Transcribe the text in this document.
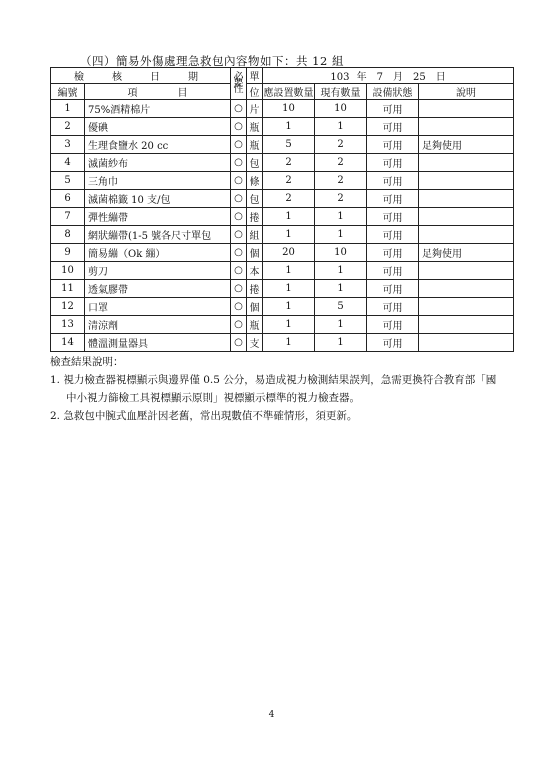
（四）簡易外傷處理急救包內容物如下：共 12 組
檢　核　日　期		必要性	單	103 年　7　月　25　日			
編號	項　　　　目		位	應設置數量	現有數量	設備狀態	說明
1	75%酒精棉片	○	片	10	10	可用	
2	優碘	○	瓶	1	1	可用	
3	生理食鹽水 20 cc	○	瓶	5	2	可用	足夠使用
4	滅菌紗布	○	包	2	2	可用	
5	三角巾	○	條	2	2	可用	
6	滅菌棉籤 10 支/包	○	包	2	2	可用	
7	彈性繃帶	○	捲	1	1	可用	
8	網狀繃帶(1-5 號各尺寸單包	○	組	1	1	可用	
9	簡易繃（Ok 繃）	○	個	20	10	可用	足夠使用
10	剪刀	○	本	1	1	可用	
11	透氣膠帶	○	捲	1	1	可用	
12	口罩	○	個	1	5	可用	
13	清涼劑	○	瓶	1	1	可用	
14	體溫測量器具	○	支	1	1	可用	
檢查結果說明：
1. 視力檢查器視標顯示與邊界僅 0.5 公分，易造成視力檢測結果誤判，急需更換符合教育部「國
中小視力篩檢工具視標顯示原則」視標顯示標準的視力檢查器。
2. 急救包中腕式血壓計因老舊，常出現數值不準確情形，須更新。
4
